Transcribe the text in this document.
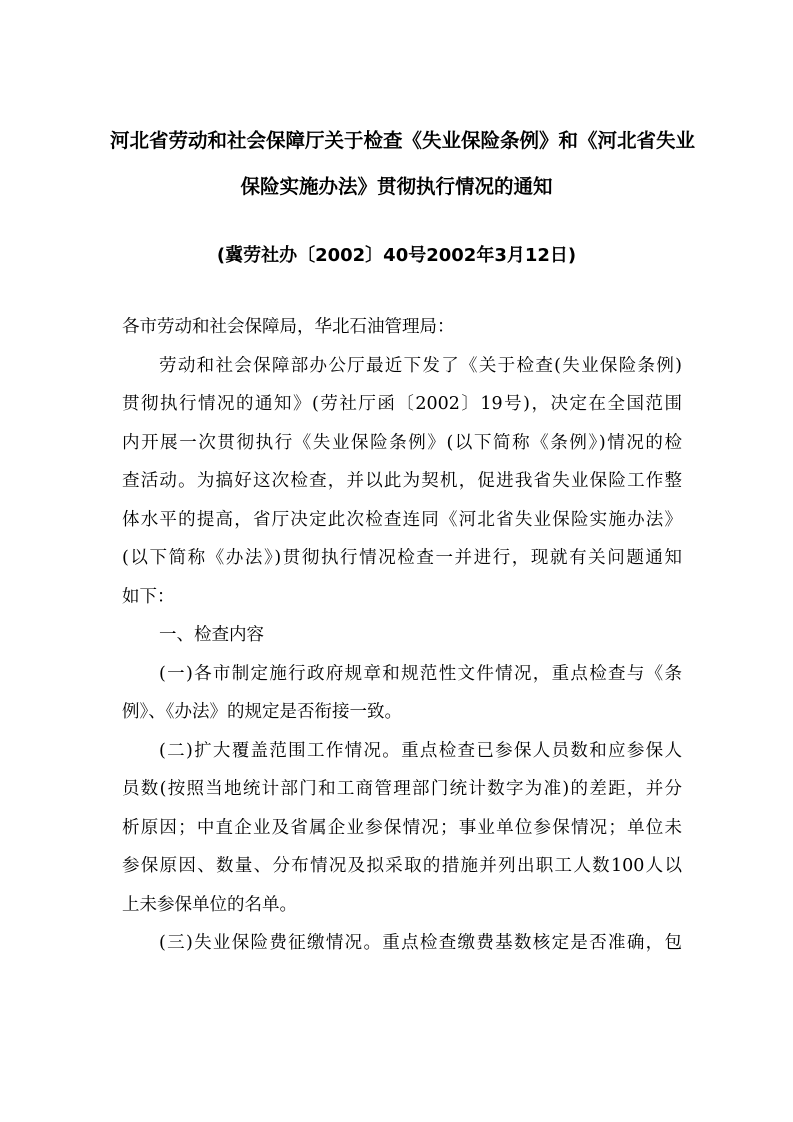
河北省劳动和社会保障厅关于检查《失业保险条例》和《河北省失业
保险实施办法》贯彻执行情况的通知
(冀劳社办〔2002〕40号2002年3月12日)
各市劳动和社会保障局，华北石油管理局：
劳动和社会保障部办公厅最近下发了《关于检查(失业保险条例)
贯彻执行情况的通知》(劳社厅函〔2002〕19号)，决定在全国范围
内开展一次贯彻执行《失业保险条例》(以下简称《条例》)情况的检
查活动。为搞好这次检查，并以此为契机，促进我省失业保险工作整
体水平的提高，省厅决定此次检查连同《河北省失业保险实施办法》
(以下简称《办法》)贯彻执行情况检查一并进行，现就有关问题通知
如下：
一、检查内容
(一)各市制定施行政府规章和规范性文件情况，重点检查与《条
例》、《办法》的规定是否衔接一致。
(二)扩大覆盖范围工作情况。重点检查已参保人员数和应参保人
员数(按照当地统计部门和工商管理部门统计数字为准)的差距，并分
析原因；中直企业及省属企业参保情况；事业单位参保情况；单位未
参保原因、数量、分布情况及拟采取的措施并列出职工人数100人以
上未参保单位的名单。
(三)失业保险费征缴情况。重点检查缴费基数核定是否准确，包
